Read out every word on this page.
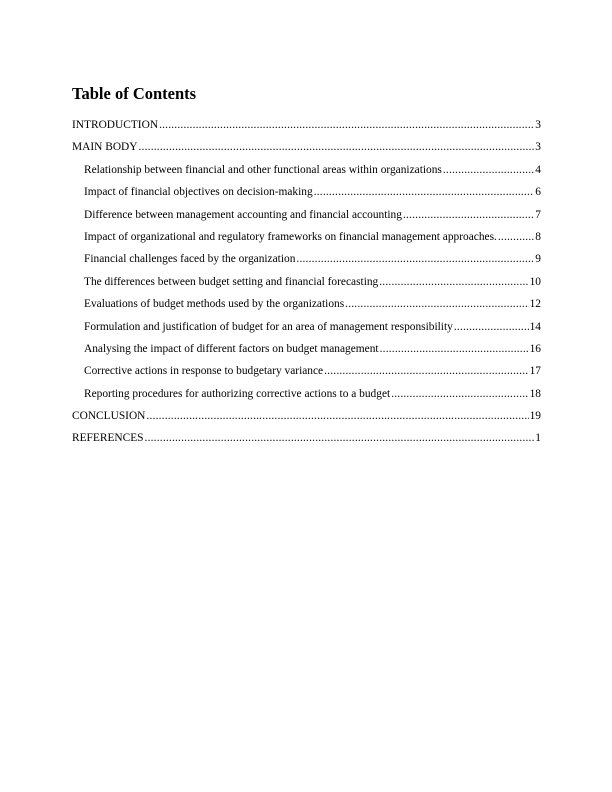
Table of Contents
INTRODUCTION .....	3
MAIN BODY .....	3
Relationship between financial and other functional areas within organizations .....	4
Impact of financial objectives on decision-making .....	6
Difference between management accounting and financial accounting .....	7
Impact of organizational and regulatory frameworks on financial management approaches. .....	8
Financial challenges faced by the organization .....	9
The differences between budget setting and financial forecasting .....	10
Evaluations of budget methods used by the organizations .....	12
Formulation and justification of budget for an area of management responsibility .....	14
Analysing the impact of different factors on budget management .....	16
Corrective actions in response to budgetary variance .....	17
Reporting procedures for authorizing corrective actions to a budget .....	18
CONCLUSION .....	19
REFERENCES .....	1
